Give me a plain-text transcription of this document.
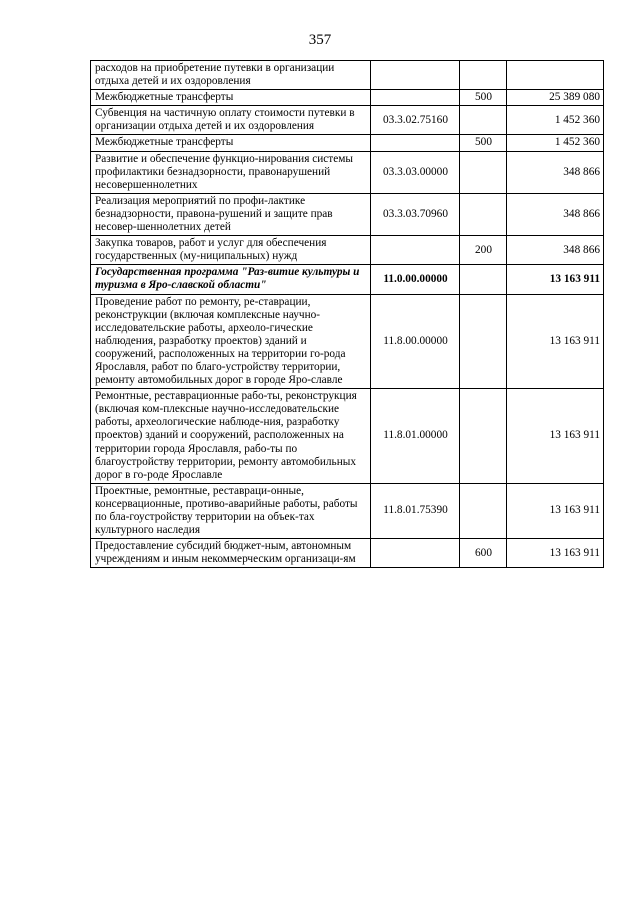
357
расходов на приобретение путевки в организации отдыха детей и их оздоровления			
Межбюджетные трансферты		500	25 389 080
Субвенция на частичную оплату стоимости путевки в организации отдыха детей и их оздоровления	03.3.02.75160		1 452 360
Межбюджетные трансферты		500	1 452 360
Развитие и обеспечение функцио-нирования системы профилактики безнадзорности, правонарушений несовершеннолетних	03.3.03.00000		348 866
Реализация мероприятий по профи-лактике безнадзорности, правона-рушений и защите прав несовер-шеннолетних детей	03.3.03.70960		348 866
Закупка товаров, работ и услуг для обеспечения государственных (му-ниципальных) нужд		200	348 866
Государственная программа "Раз-витие культуры и туризма в Яро-славской области"	11.0.00.00000		13 163 911
Проведение работ по ремонту, ре-ставрации, реконструкции (включая комплексные научно-исследовательские работы, археоло-гические наблюдения, разработку проектов) зданий и сооружений, расположенных на территории го-рода Ярославля, работ по благо-устройству территории, ремонту автомобильных дорог в городе Яро-славле	11.8.00.00000		13 163 911
Ремонтные, реставрационные рабо-ты, реконструкция (включая ком-плексные научно-исследовательские работы, археологические наблюде-ния, разработку проектов) зданий и сооружений, расположенных на территории города Ярославля, рабо-ты по благоустройству территории, ремонту автомобильных дорог в го-роде Ярославле	11.8.01.00000		13 163 911
Проектные, ремонтные, реставраци-онные, консервационные, противо-аварийные работы, работы по бла-гоустройству территории на объек-тах культурного наследия	11.8.01.75390		13 163 911
Предоставление субсидий бюджет-ным, автономным учреждениям и иным некоммерческим организаци-ям		600	13 163 911
